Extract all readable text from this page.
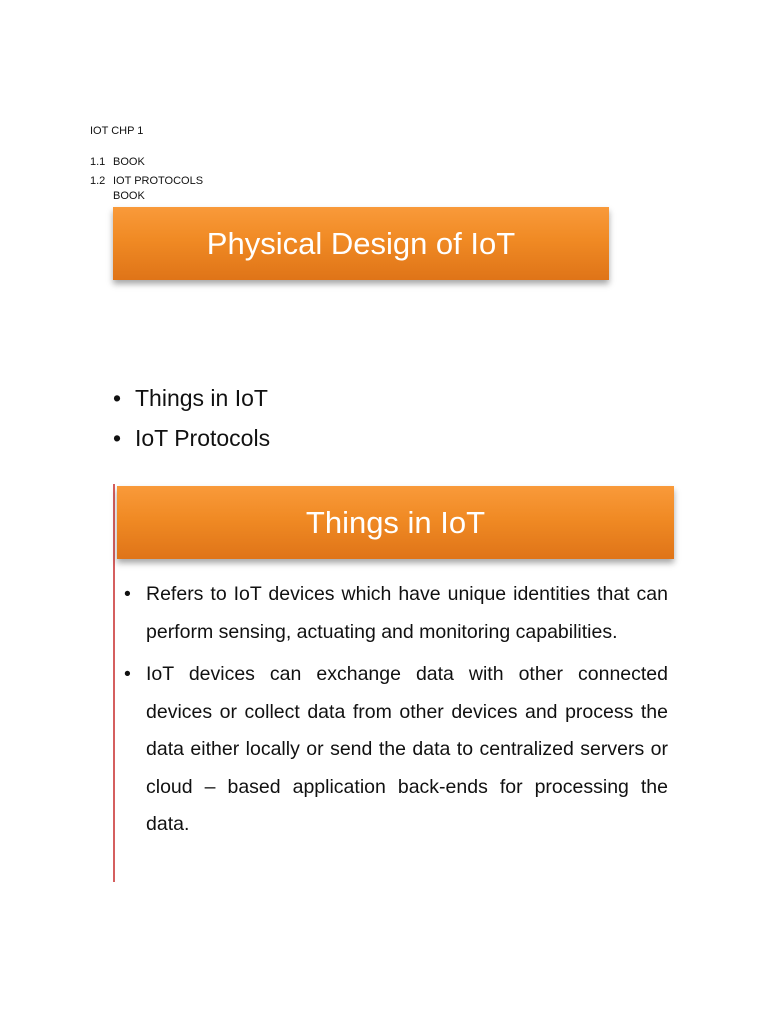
IOT CHP 1
1.1 BOOK
1.2 IOT PROTOCOLS
BOOK
Physical Design of IoT
• Things in IoT
• IoT Protocols
Things in IoT
• Refers to IoT devices which have unique identities that can perform sensing, actuating and monitoring capabilities.
• IoT devices can exchange data with other connected devices or collect data from other devices and process the data either locally or send the data to centralized servers or cloud – based application back-ends for processing the data.
